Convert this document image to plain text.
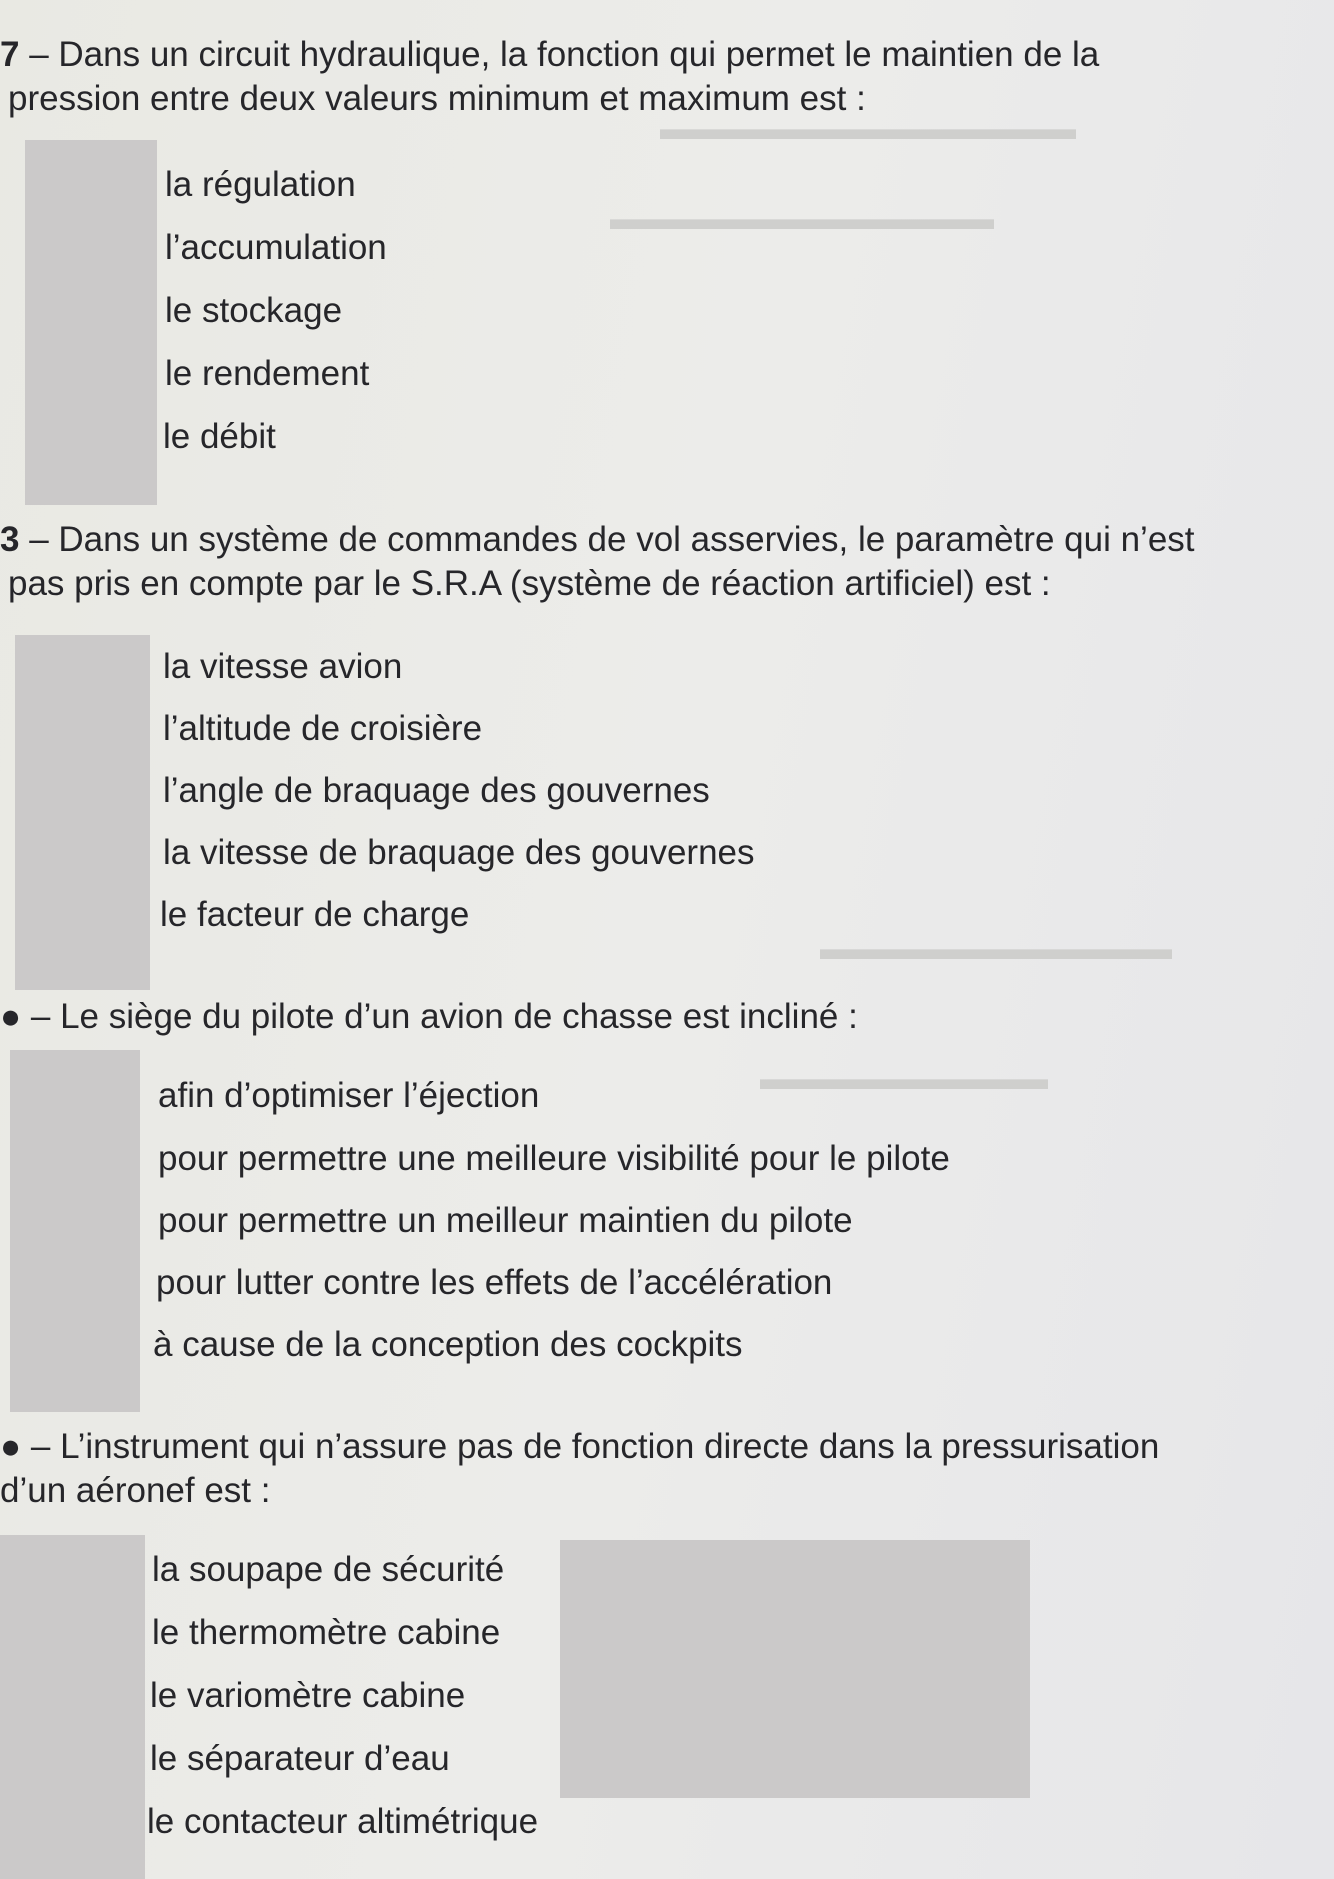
▬▬▬▬▬▬▬▬▬▬▬▬▬
▬▬▬▬▬▬▬▬▬▬▬▬
▬▬▬▬▬▬▬▬▬▬▬
▬▬▬▬▬▬▬▬▬
7 – Dans un circuit hydraulique, la fonction qui permet le maintien de la
pression entre deux valeurs minimum et maximum est :
la régulation
l’accumulation
le stockage
le rendement
le débit
3 – Dans un système de commandes de vol asservies, le paramètre qui n’est
pas pris en compte par le S.R.A (système de réaction artificiel) est :
la vitesse avion
l’altitude de croisière
l’angle de braquage des gouvernes
la vitesse de braquage des gouvernes
le facteur de charge
● – Le siège du pilote d’un avion de chasse est incliné :
afin d’optimiser l’éjection
pour permettre une meilleure visibilité pour le pilote
pour permettre un meilleur maintien du pilote
pour lutter contre les effets de l’accélération
à cause de la conception des cockpits
● – L’instrument qui n’assure pas de fonction directe dans la pressurisation
d’un aéronef est :
la soupape de sécurité
le thermomètre cabine
le variomètre cabine
le séparateur d’eau
le contacteur altimétrique
